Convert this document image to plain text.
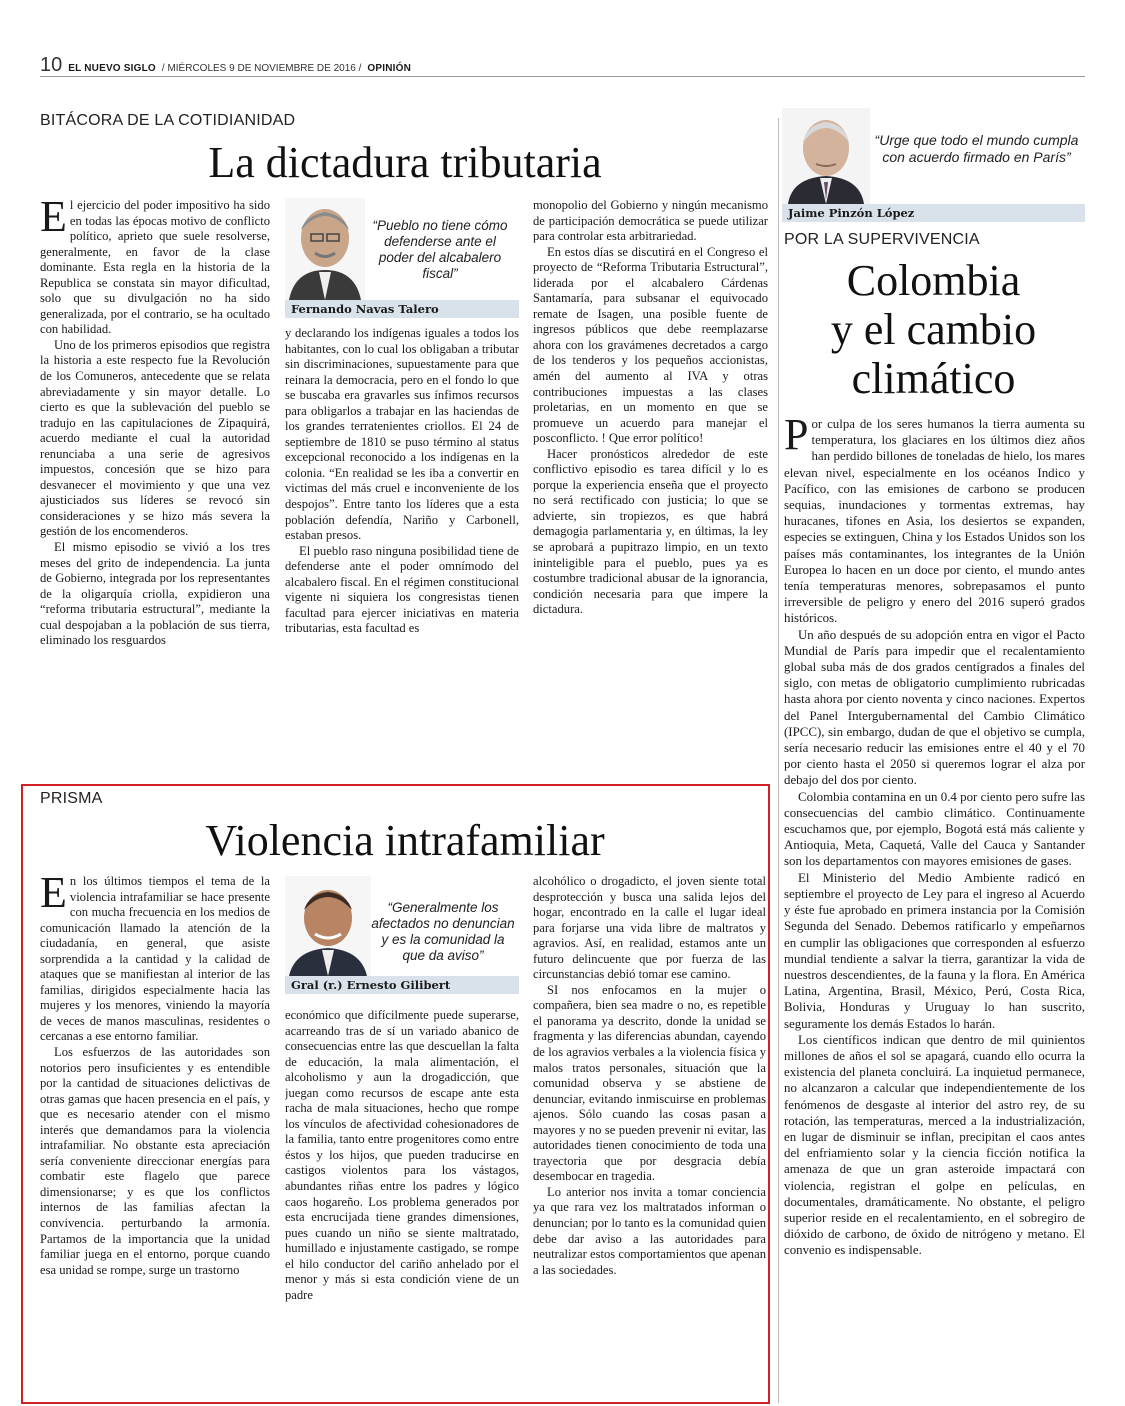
10 EL NUEVO SIGLO / MIÉRCOLES 9 DE NOVIEMBRE DE 2016 / OPINIÓN
BITÁCORA DE LA COTIDIANIDAD
La dictadura tributaria

El ejercicio del poder impositivo ha sido en todas las épocas motivo de conflicto político, aprieto que suele resolverse, generalmente, en favor de la clase dominante. Esta regla en la historia de la Republica se constata sin mayor dificultad, solo que su divulgación no ha sido generalizada, por el contrario, se ha ocultado con habilidad.

Uno de los primeros episodios que registra la historia a este respecto fue la Revolución de los Comuneros, antecedente que se relata abreviadamente y sin mayor detalle. Lo cierto es que la sublevación del pueblo se tradujo en las capitulaciones de Zipaquirá, acuerdo mediante el cual la autoridad renunciaba a una serie de agresivos impuestos, concesión que se hizo para desvanecer el movimiento y que una vez ajusticiados sus líderes se revocó sin consideraciones y se hizo más severa la gestión de los encomenderos.

El mismo episodio se vivió a los tres meses del grito de independencia. La junta de Gobierno, integrada por los representantes de la oligarquía criolla, expidieron una “reforma tributaria estructural”, mediante la cual despojaban a la población de sus tierra, eliminado los resguardos

“Pueblo no tiene cómo defenderse ante el poder del alcabalero fiscal”
Fernando Navas Talero

y declarando los indígenas iguales a todos los habitantes, con lo cual los obligaban a tributar sin discriminaciones, supuestamente para que reinara la democracia, pero en el fondo lo que se buscaba era gravarles sus ínfimos recursos para obligarlos a trabajar en las haciendas de los grandes terratenientes criollos. El 24 de septiembre de 1810 se puso término al status excepcional reconocido a los indígenas en la colonia. “En realidad se les iba a convertir en victimas del más cruel e inconveniente de los despojos”. Entre tanto los líderes que a esta población defendía, Nariño y Carbonell, estaban presos.

El pueblo raso ninguna posibilidad tiene de defenderse ante el poder omnímodo del alcabalero fiscal. En el régimen constitucional vigente ni siquiera los congresistas tienen facultad para ejercer iniciativas en materia tributarias, esta facultad es

monopolio del Gobierno y ningún mecanismo de participación democrática se puede utilizar para controlar esta arbitrariedad.

En estos días se discutirá en el Congreso el proyecto de “Reforma Tributaria Estructural”, liderada por el alcabalero Cárdenas Santamaría, para subsanar el equivocado remate de Isagen, una posible fuente de ingresos públicos que debe reemplazarse ahora con los gravámenes decretados a cargo de los tenderos y los pequeños accionistas, amén del aumento al IVA y otras contribuciones impuestas a las clases proletarias, en un momento en que se promueve un acuerdo para manejar el posconflicto. ! Que error político!

Hacer pronósticos alrededor de este conflictivo episodio es tarea difícil y lo es porque la experiencia enseña que el proyecto no será rectificado con justicia; lo que se advierte, sin tropiezos, es que habrá demagogia parlamentaria y, en últimas, la ley se aprobará a pupitrazo limpio, en un texto ininteligible para el pueblo, pues ya es costumbre tradicional abusar de la ignorancia, condición necesaria para que impere la dictadura.

“Urge que todo el mundo cumpla con acuerdo firmado en París”
Jaime Pinzón López
POR LA SUPERVIVENCIA
Colombia
y el cambio
climático

Por culpa de los seres humanos la tierra aumenta su temperatura, los glaciares en los últimos diez años han perdido billones de toneladas de hielo, los mares elevan nivel, especialmente en los océanos Indico y Pacífico, con las emisiones de carbono se producen sequias, inundaciones y tormentas extremas, hay huracanes, tifones en Asia, los desiertos se expanden, especies se extinguen, China y los Estados Unidos son los países más contaminantes, los integrantes de la Unión Europea lo hacen en un doce por ciento, el mundo antes tenía temperaturas menores, sobrepasamos el punto irreversible de peligro y enero del 2016 superó grados históricos.

Un año después de su adopción entra en vigor el Pacto Mundial de París para impedir que el recalentamiento global suba más de dos grados centígrados a finales del siglo, con metas de obligatorio cumplimiento rubricadas hasta ahora por ciento noventa y cinco naciones. Expertos del Panel Intergubernamental del Cambio Climático (IPCC), sin embargo, dudan de que el objetivo se cumpla, sería necesario reducir las emisiones entre el 40 y el 70 por ciento hasta el 2050 si queremos lograr el alza por debajo del dos por ciento.

Colombia contamina en un 0.4 por ciento pero sufre las consecuencias del cambio climático. Continuamente escuchamos que, por ejemplo, Bogotá está más caliente y Antioquia, Meta, Caquetá, Valle del Cauca y Santander son los departamentos con mayores emisiones de gases.

El Ministerio del Medio Ambiente radicó en septiembre el proyecto de Ley para el ingreso al Acuerdo y éste fue aprobado en primera instancia por la Comisión Segunda del Senado. Debemos ratificarlo y empeñarnos en cumplir las obligaciones que corresponden al esfuerzo mundial tendiente a salvar la tierra, garantizar la vida de nuestros descendientes, de la fauna y la flora. En América Latina, Argentina, Brasil, México, Perú, Costa Rica, Bolivia, Honduras y Uruguay lo han suscrito, seguramente los demás Estados lo harán.

Los científicos indican que dentro de mil quinientos millones de años el sol se apagará, cuando ello ocurra la existencia del planeta concluirá. La inquietud permanece, no alcanzaron a calcular que independientemente de los fenómenos de desgaste al interior del astro rey, de su rotación, las temperaturas, merced a la industrialización, en lugar de disminuir se inflan, precipitan el caos antes del enfriamiento solar y la ciencia ficción notifica la amenaza de que un gran asteroide impactará con violencia, registran el golpe en películas, en documentales, dramáticamente. No obstante, el peligro superior reside en el recalentamiento, en el sobregiro de dióxido de carbono, de óxido de nitrógeno y metano. El convenio es indispensable.

PRISMA
Violencia intrafamiliar

En los últimos tiempos el tema de la violencia intrafamiliar se hace presente con mucha frecuencia en los medios de comunicación llamado la atención de la ciudadanía, en general, que asiste sorprendida a la cantidad y la calidad de ataques que se manifiestan al interior de las familias, dirigidos especialmente hacia las mujeres y los menores, viniendo la mayoría de veces de manos masculinas, residentes o cercanas a ese entorno familiar.

Los esfuerzos de las autoridades son notorios pero insuficientes y es entendible por la cantidad de situaciones delictivas de otras gamas que hacen presencia en el país, y que es necesario atender con el mismo interés que demandamos para la violencia intrafamiliar. No obstante esta apreciación sería conveniente direccionar energías para combatir este flagelo que parece dimensionarse; y es que los conflictos internos de las familias afectan la convivencia. perturbando la armonía. Partamos de la importancia que la unidad familiar juega en el entorno, porque cuando esa unidad se rompe, surge un trastorno

“Generalmente los afectados no denuncian y es la comunidad la que da aviso”
Gral (r.) Ernesto Gilibert

económico que difícilmente puede superarse, acarreando tras de sí un variado abanico de consecuencias entre las que descuellan la falta de educación, la mala alimentación, el alcoholismo y aun la drogadicción, que juegan como recursos de escape ante esta racha de mala situaciones, hecho que rompe los vínculos de afectividad cohesionadores de la familia, tanto entre progenitores como entre éstos y los hijos, que pueden traducirse en castigos violentos para los vástagos, abundantes riñas entre los padres y lógico caos hogareño. Los problema generados por esta encrucijada tiene grandes dimensiones, pues cuando un niño se siente maltratado, humillado e injustamente castigado, se rompe el hilo conductor del cariño anhelado por el menor y más si esta condición viene de un padre

alcohólico o drogadicto, el joven siente total desprotección y busca una salida lejos del hogar, encontrado en la calle el lugar ideal para forjarse una vida libre de maltratos y agravios. Así, en realidad, estamos ante un futuro delincuente que por fuerza de las circunstancias debió tomar ese camino.

SI nos enfocamos en la mujer o compañera, bien sea madre o no, es repetible el panorama ya descrito, donde la unidad se fragmenta y las diferencias abundan, cayendo de los agravios verbales a la violencia física y malos tratos personales, situación que la comunidad observa y se abstiene de denunciar, evitando inmiscuirse en problemas ajenos. Sólo cuando las cosas pasan a mayores y no se pueden prevenir ni evitar, las autoridades tienen conocimiento de toda una trayectoria que por desgracia debía desembocar en tragedia.

Lo anterior nos invita a tomar conciencia ya que rara vez los maltratados informan o denuncian; por lo tanto es la comunidad quien debe dar aviso a las autoridades para neutralizar estos comportamientos que apenan a las sociedades.
